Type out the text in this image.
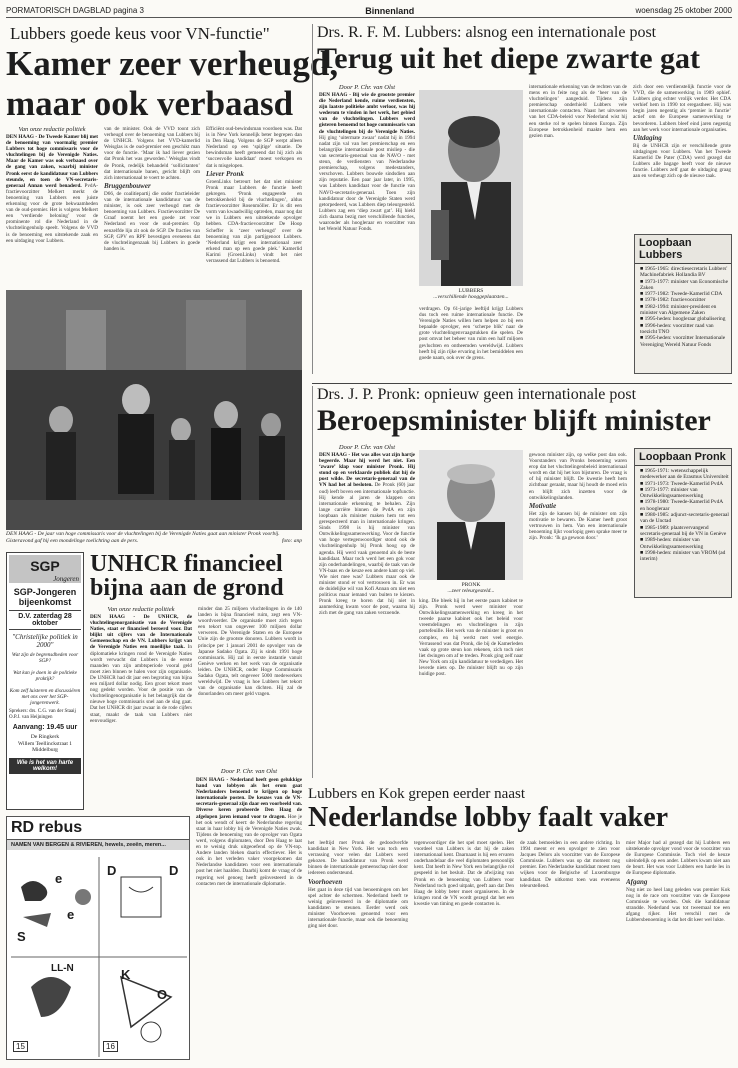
PORMATORISCH DAGBLAD pagina 3	Binnenland	woensdag 25 oktober 2000
Lubbers goede keus voor VN-functie"
Kamer zeer verheugd,
maar ook verbaasd
Van onze redactie politiek
DEN HAAG - De Tweede Kamer blij met de benoeming van voormalig premier Lubbers tot hoge commissaris voor de vluchtelingen bij de Verenigde Naties. Maar de Kamer was ook verbaasd over de gang van zaken, waarbij minister Pronk eerst de kandidatuur van Lubbers steunde, en toen de VN-secretaris-generaal Annan werd benaderd. PvdA-fractievoorzitter Melkert merkt de benoeming van Lubbers een juiste erkenning voor de grote bekwaamheden van de oud-premier. Het is volgens Melkert een ‘verdiende beloning’ voor de prominente rol die Nederland in de vluchtelingenhulp speelt. Volgens de VVD is de benoeming een uitstekende zaak en een uitdaging voor Lubbers.
van de minister. Ook de VVD toont zich verheugd over de benoeming van Lubbers bij de UNHCR. Volgens het VVD-kamerlid Weisglas is de oud-premier een geschikt man voor de functie. ‘Maar ik had liever gezien dat Pronk het was geworden.’ Weisglas vindt de Pronk, redelijk behandeld ‘sollicitanten’ dat internationale banen, gericht blijft om zich internationaal te voert te achten.
Bruggenbouwer
D66, de coalitiepartij die onder fractieleider van de internationale kandidatuur van de minister, is ook zeer verheugd met de benoeming van Lubbers. Fractievoorzitter De Graaf noemt het een goede zet voor Nederland en voor de oud-premier. Op eenzelfde lijn zit ook de SGP. De fracties van SGP, GPV en RPF bevestigen eveneens dat de vluchtelingenzaak bij Lubbers in goede handen is.
Efficiënt oud-bewindsman voordoen was. Dat is in New York kennelijk beter begrepen dan in Den Haag. Volgens de SGP werpt alleen Nederland op een ‘spijtige’ situatie. De bewindsman heeft gemeend dat hij zich als ‘succesvolle kandidaat’ moest verkopen en dat is misgelopen.
Liever Pronk
GroenLinks betreurt het dat niet minister Pronk maar Lubbers de functie heeft gekregen. ‘Pronk engageerde en betrokkenheid bij de vluchtelingen’, aldus fractievoorzitter Rosenmöller. Er is dit een vorm van kwaadwillig optreden, maar nog dat we in Lubbers een uitstekende opvolger hebben. CDA-fractievoorzitter De Hoop Scheffer is ‘zeer verheugd’ over de benoeming van zijn partijgenoot Lubbers. ‘Nederland krijgt een internationaal zeer erkend man op een goede plek.’ Kamerlid Karimi (GroenLinks) vindt het niet verrassend dat Lubbers is benoemd.
DEN HAAG - De jaar van hoge commissaris voor de vluchtelingen bij de Verenigde Naties gaat aan minister Pronk voorbij. Gisteravond gaf hij een mondelinge toelichting aan de pers.	foto: anp
Drs. R. F. M. Lubbers: alsnog een internationale post
Terug uit het diepe zwarte gat
Door P. Chr. van Olst
DEN HAAG - Bij wie de grootste premier die Nederland kende, ruime verdiensten, zijn laatste politieke ambt verloor, was hij wederom te vinden in het werk, het gebied van de vluchtelingen. Lubbers werd gisteren benoemd tot hoge commissaris van de vluchtelingen bij de Verenigde Naties. Hij ging ‘uitermate zwaar’ nadat hij in 1994 nadat zijn val van het premierschap en een belangrijke internationale post misliep - die van secretaris-generaal van de NAVO - met steun, de verdiensten van Nederlandse premierschap, volgens medestanders, verschoven. Lubbers bouwde sindsdien aan zijn reputatie. Een paar jaar later, in 1995, was Lubbers kandidaat voor de functie van NAVO-secretaris-generaal. Toen zijn kandidatuur door de Verenigde Staten werd getorpedeerd, was Lubbers diep teleurgesteld. Lubbers zag een ‘diep zwart gat’. Hij hield zich daarna bezig met verschillende functies, waaronder als hoogleraar en voorzitter van het Wereld Natuur Fonds.
LUBBERS
...verschillende hooggeplaatsten...
verdragen. Op 61-jarige leeftijd krijgt Lubbers dus toch een ruime internationale functie. De Verenigde Naties willen hem helpen zo bij een bepaalde opvolger, een ‘scherpe blik’ naar de grote vluchtelingenvraagstukken die spelen. De post omvat het beheer van ruim een half miljoen gevluchten en ontheemden wereldwijd. Lubbers heeft bij zijn rijke ervaring in het bemiddelen een goede naam, ook over de grens.
internationale erkenning van de rechten van de mens en in feite nog als de ‘heer van de vluchtelingen’ aangeduid. Tijdens zijn premierschap onderhield Lubbers vele internationale contacten. Naast het uitvoeren van het CDA-beleid voor Nederland wist hij een sterke rol te spelen binnen Europa. Zijn Europese betrokkenheid maakte hem een gezien man.
zich door een verdienstelijk functie voor de VVD, die de samenwerking in 1989 ophief. Lubbers ging echter vrolijk verder. Het CDA verhief hem in 1990 tot eregastheer. Hij was begin jaren negentig als ‘premier in functie’ actief om de Europese samenwerking te bevorderen. Lubbers bleef eind jaren negentig aan het werk voor internationale organisaties.
Uitdaging
Bij de UNHCR zijn er verschillende grote uitdagingen voor Lubbers. Van het Tweede Kamerlid De Pater (CDA) werd gezegd dat Lubbers alle bagage heeft voor de nieuwe functie. Lubbers zelf gaat de uitdaging graag aan en verheugt zich op de nieuwe taak.
Loopbaan Lubbers
■ 1965-1965: directiesecretaris Lubbers' Machinefabriek Hollandia BV
■ 1973-1977: minister van Economische Zaken
■ 1977-1982: Tweede-Kamerlid CDA
■ 1978-1982: fractievoorzitter
■ 1982-1994: minister-president en minister van Algemene Zaken
■ 1995-heden: hoogleraar globalisering
■ 1996-heden: voorzitter raad van toezicht TNO
■ 1995-heden: voorzitter Internationale Vereniging Wereld Natuur Fonds
Drs. J. P. Pronk: opnieuw geen internationale post
Beroepsminister blijft minister
Door P. Chr. van Olst
DEN HAAG - Het was alles wat zijn hartje begeerde. Maar hij werd het niet. Een ‘zware’ klap voor minister Pronk. Hij stond op en verklaarde publiek dat hij de post wilde. De secretaris-generaal van de VN had het al besloten. De Pronk (60) jaar oud) leeft boven een internationale topfunctie. Hij kende al jaren de klappen om internationale erkenning te behalen. Zijn lange carrière binnen de PvdA en zijn loopbaan als minister maken hem tot een gerespecteerd man in internationale kringen. Sinds 1998 is hij minister van Ontwikkelingssamenwerking. Voor de functie van hoge vertegenwoordiger stond ook de vluchtelingenhulp bij Pronk hoog op de agenda. Hij werd vaak genoemd als de beste kandidaat. Maar toch werd het een gok voor zijn onderhandelingen, waarbij de taak van de VN-baas en de keuze een andere kant op viel. Wie niet mee was? Lubbers maar ook de minister stond er vol vertrouwen in. Er was de duidelijke wil van Kofi Annan om niet een politicus maar iemand van buiten te kiezen. Pronk kreeg te horen dat hij niet in aanmerking kwam voor de post, waarna hij zich met de gang van zaken verzoende.
PRONK
...zeer teleurgesteld...
king. Die bleek hij in het eerste paars kabinet te zijn. Pronk werd weer minister voor Ontwikkelingssamenwerking en kreeg in het tweede paarse kabinet ook het beleid voor vreemdelingen en vluchtelingen in zijn portefeuille. Het werk van de minister is groot en complex, en hij werkt met veel energie. Verrassend was dat Pronk, die bij de Kamerleden vaak op grote steun kon rekenen, zich toch niet liet dwingen om af te treden. Pronk ging zelf naar New York om zijn kandidatuur te verdedigen. Het leverde niets op. De minister blijft nu op zijn huidige post.
gewoon minister zijn, op welke post dan ook. Voorstanders van Pronks benoeming waren erop dat het vluchtelingenbeleid internationaal wordt en dat hij het kon bijsturen. De vraag is of hij minister blijft. De kwestie heeft hem zichtbaar geraakt, maar hij houdt de moed erin en blijft zich inzetten voor de ontwikkelingslanden.
Motivatie
Het zijn de kansen bij de minister om zijn motivatie te bewaren. De Kamer heeft groot vertrouwen in hem. Van een internationale benoeming lijkt voorlopig geen sprake meer te zijn. Pronk: ‘Ik ga gewoon door.’
Loopbaan Pronk
■ 1965-1971: wetenschappelijk medewerker aan de Erasmus Universiteit
■ 1971-1973: Tweede-Kamerlid PvdA
■ 1973-1977: minister van Ontwikkelingssamenwerking
■ 1978-1980: Tweede-Kamerlid PvdA en hoogleraar
■ 1980-1985: adjunct-secretaris-generaal van de Unctad
■ 1985-1989: plaatsvervangend secretaris-generaal bij de VN in Genève
■ 1989-heden: minister van Ontwikkelingssamenwerking
■ 1998-heden: minister van VROM (ad interim)
SGP
Jongeren
SGP-Jongeren bijeenkomst
D.V. zaterdag 28 oktober
"Christelijke politiek in 2000"
Wat zijn de begrensdheden voor SGP?

Wat kan je doen in de politieke praktijk?

Kom zelf luisteren en discussiëren met ons over het SGP-jongerenwerk.
Sprekers: drs. C.G. van der Staaij
O.P.J. van Heijningen
Aanvang: 19.45 uur
De Ringkerk
Willem Teellinckstraat 1
Middelburg
Wie is het van harte welkom!
UNHCR financieel
bijna aan de grond
Van onze redactie politiek
DEN HAAG - De UNHCR, de vluchtelingenorganisatie van de Verenigde Naties, staat er financieel beroerd voor. Dat blijkt uit cijfers van de Internationale Gemeenschap en de VN. Lubbers krijgt van de Verenigde Naties een moeilijke taak. In diplomatieke kringen rond de Verenigde Naties wordt verwacht dat Lubbers in de eerste maanden van zijn ambtsperiode vooral geld moet zien binnen te halen voor zijn organisatie. De UNHCR had dit jaar een begroting van bijna een miljard dollar nodig. Een groot tekort moet nog gedekt worden. Voor de positie van de vluchtelingenorganisatie is het belangrijk dat de nieuwe hoge commissaris snel aan de slag gaat. Dat het UNHCR dit jaar zwaar in de rode cijfers staat, maakt de taak van Lubbers niet eenvoudiger.
minder dan 25 miljoen vluchtelingen in de 140 landen is bijna financieel ruim, zegt een VN-woordvoerder. De organisatie moet zich tegen een tekort van ongeveer 100 miljoen dollar verweren. De Verenigde Staten en de Europese Unie zijn de grootste donoren. Lubbers wordt in principe per 1 januari 2001 de opvolger van de Japanse Sadako Ogata. Zij is sinds 1991 hoge commissaris. Hij zal in eerste instantie vanuit Genève werken en het werk van de organisatie leiden. De UNHCR, onder Hoge Commissaris Sadako Ogata, telt ongeveer 5000 medewerkers wereldwijd. De vraag is hoe Lubbers het tekort van de organisatie kan dichten. Hij zal de donorlanden om meer geld vragen.
Door P. Chr. van Olst
DEN HAAG - Nederland heeft geen gelukkige hand van lobbyen als het erom gaat Nederlanders benoemd te krijgen op hoge internationale posten. De keuzes van de VN-secretaris-generaal zijn daar een voorbeeld van. Diverse keren probeerde Den Haag de afgelopen jaren iemand voor te dragen. Hoe je het ook wendt of keert: de Nederlandse regering staat in haar lobby bij de Verenigde Naties zwak. Tijdens de benoeming van de opvolger van Ogata werd, volgens diplomaten, door Den Haag te laat en te weinig druk uitgeoefend op de VN-top. Andere landen bleken daarin effectiever. Het is ook in het verleden vaker voorgekomen dat Nederlandse kandidaten voor een internationale post het niet haalden. Daarbij komt de vraag of de regering wel genoeg heeft geïnvesteerd in de contacten met de internationale diplomatie.
Lubbers en Kok grepen eerder naast
Nederlandse lobby faalt vaker
het leeftijd met Pronk de gedoodverfde kandidaat in New York. Het was toch een verrassing voor velen dat Lubbers werd gekozen. De kandidatuur van Pronk werd binnen de internationale gemeenschap niet door iedereen ondersteund.
Voorhoeven
Het gaat in deze tijd van benoemingen om het spel achter de schermen. Nederland heeft te weinig geïnvesteerd in de diplomatie om kandidaten te steunen. Eerder werd ook minister Voorhoeven genoemd voor een internationale functie, maar ook die benoeming ging niet door.
tegenwoordiger die het spel moet spelen. Het voordeel van Lubbers is dat hij de zaken internationaal kent. Daarnaast is hij een ervaren onderhandelaar die veel diplomaten persoonlijk kent. Dat heeft in New York een belangrijke rol gespeeld in het besluit. Dat de afwijzing van Pronk en de benoeming van Lubbers voor Nederland toch goed uitpakt, geeft aan dat Den Haag de lobby beter moet organiseren. In de kringen rond de VN wordt gezegd dat het een kwestie van timing en goede contacten is.
de zaak bemoeiden in een andere richting. In 1994 meent er een opvolger te zien voor Jacques Delors als voorzitter van de Europese Commissie. Lubbers was op dat moment nog premier. Een Nederlandse kandidaat moest toen wijken voor de Belgische of Luxemburgse kandidaat. De uitkomst toen was eveneens teleurstellend.
mier Major had al gezegd dat hij Lubbers een uitstekende opvolger vond voor de voorzitter van de Europese Commissie. Toch viel de keuze uiteindelijk op een ander. Lubbers kwam niet aan de beurt. Het was voor Lubbers een harde les in de Europese diplomatie.
Afgang
Nog niet zo heel lang geleden was premier Kok nog in de race om voorzitter van de Europese Commissie te worden. Ook die kandidatuur strandde. Nederland was tot tweemaal toe een afgang rijker. Het verschil met de Lubbersbenoeming is dat het dit keer wel lukte.
RD rebus
NAMEN VAN BERGEN & RIVIEREN, hewels, zeeën, meren...
e
e
D	D
S
LL-N	K
O
15	16
